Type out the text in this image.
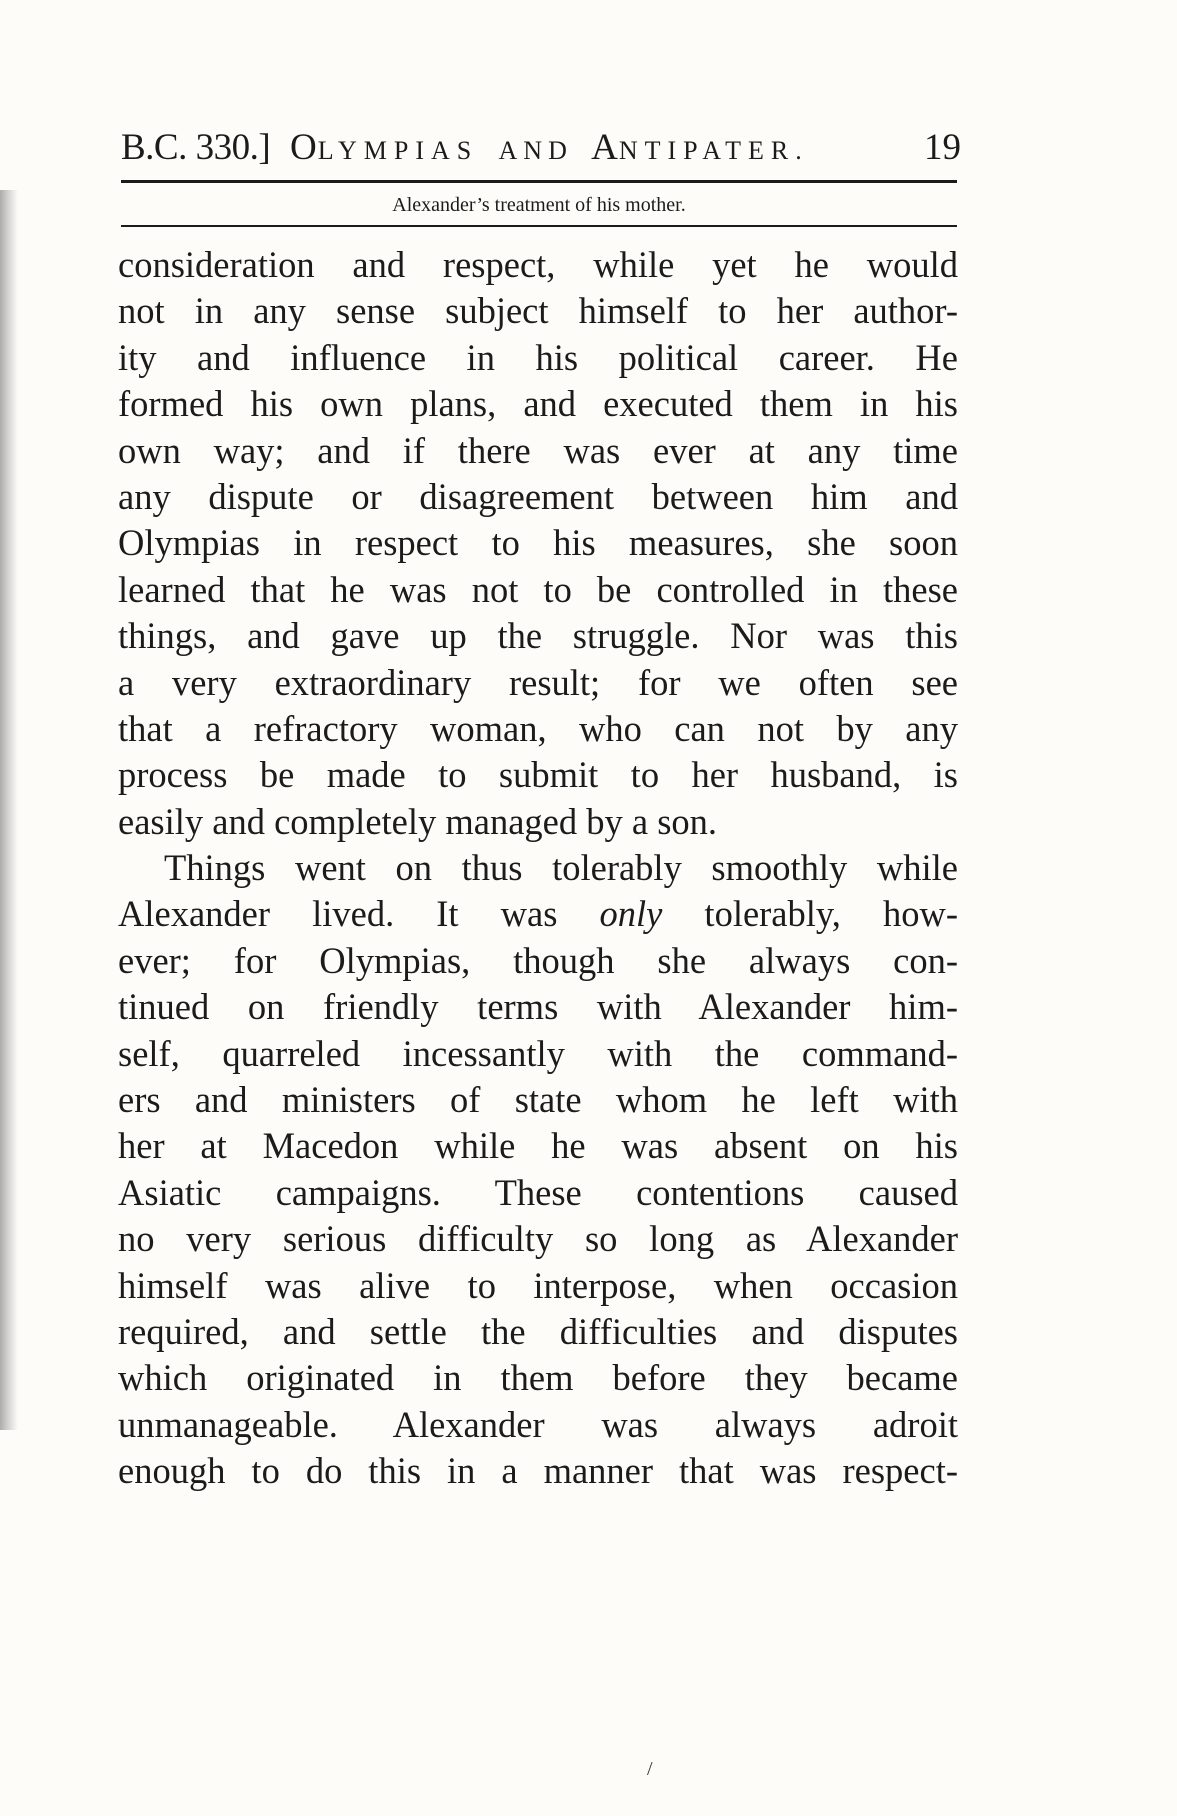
B.C. 330.] OLYMPIAS AND ANTIPATER.	19
Alexander’s treatment of his mother.
consideration and respect, while yet he would
not in any sense subject himself to her author-
ity and influence in his political career. He
formed his own plans, and executed them in his
own way; and if there was ever at any time
any dispute or disagreement between him and
Olympias in respect to his measures, she soon
learned that he was not to be controlled in these
things, and gave up the struggle. Nor was this
a very extraordinary result; for we often see
that a refractory woman, who can not by any
process be made to submit to her husband, is
easily and completely managed by a son.
Things went on thus tolerably smoothly while
Alexander lived. It was only tolerably, how-
ever; for Olympias, though she always con-
tinued on friendly terms with Alexander him-
self, quarreled incessantly with the command-
ers and ministers of state whom he left with
her at Macedon while he was absent on his
Asiatic campaigns. These contentions caused
no very serious difficulty so long as Alexander
himself was alive to interpose, when occasion
required, and settle the difficulties and disputes
which originated in them before they became
unmanageable. Alexander was always adroit
enough to do this in a manner that was respect-
/
